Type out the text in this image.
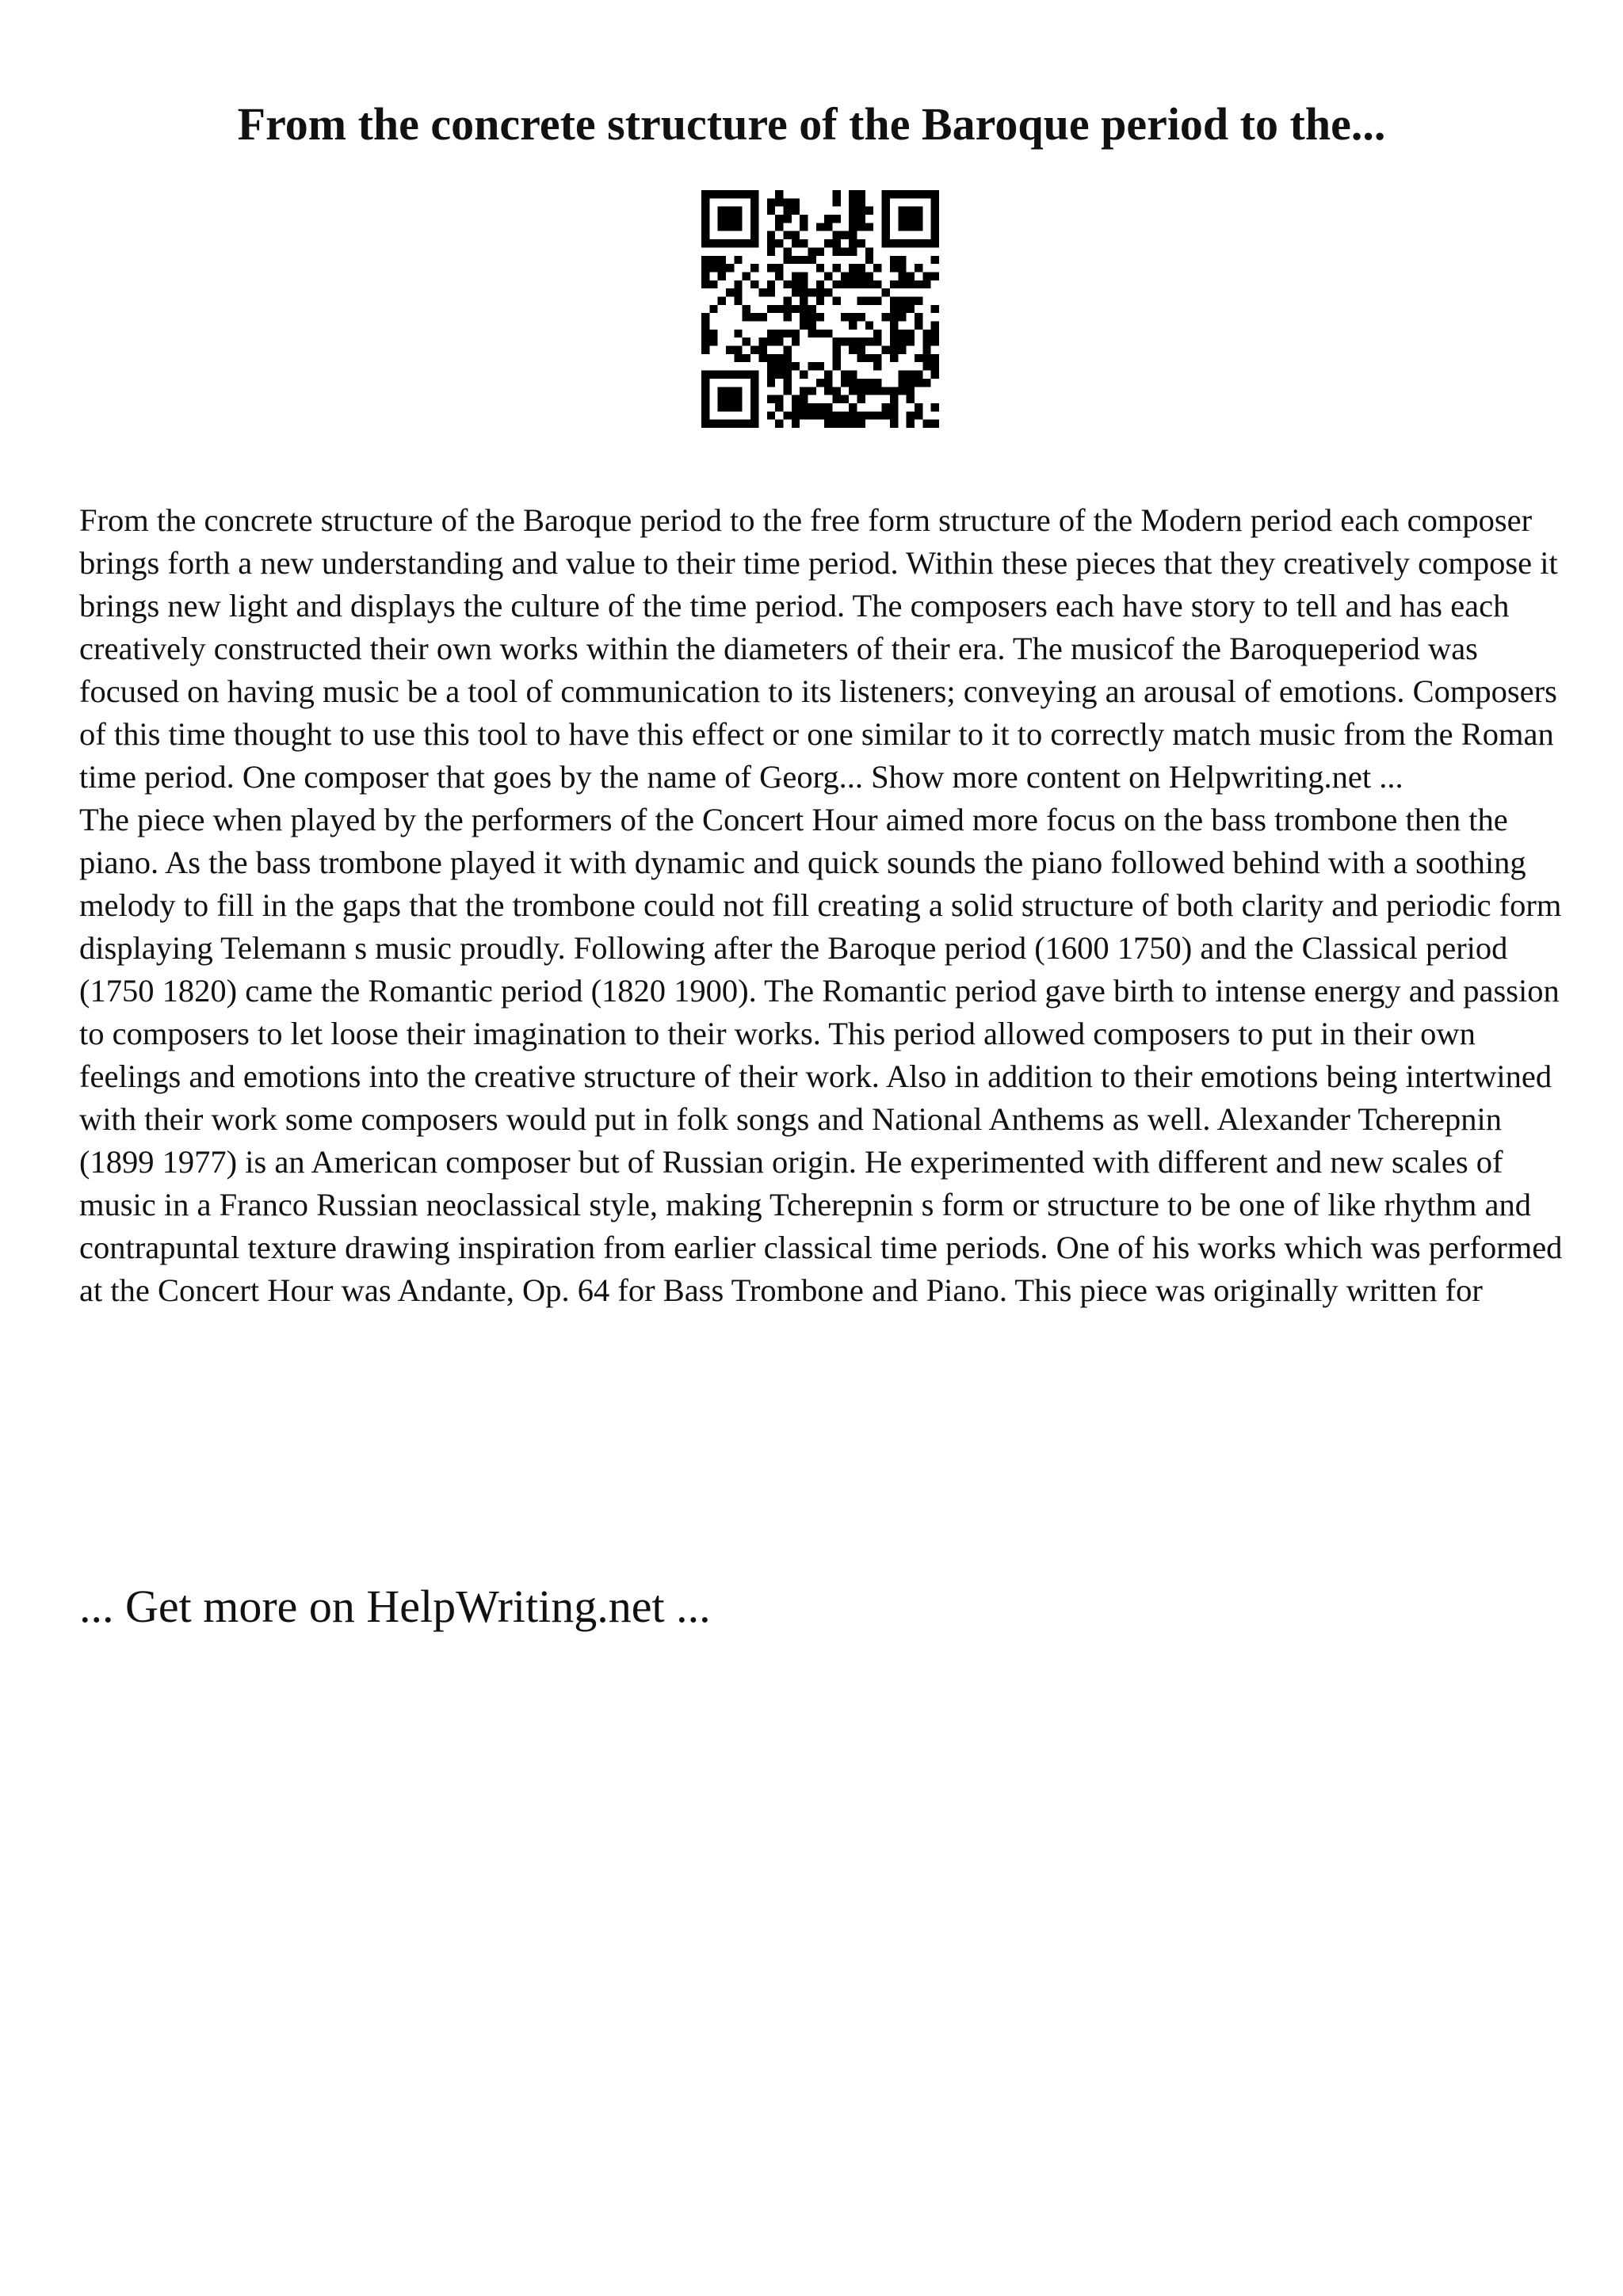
From the concrete structure of the Baroque period to the...

From the concrete structure of the Baroque period to the free form structure of the Modern period each composer brings forth a new understanding and value to their time period. Within these pieces that they creatively compose it brings new light and displays the culture of the time period. The composers each have story to tell and has each creatively constructed their own works within the diameters of their era. The musicof the Baroqueperiod was focused on having music be a tool of communication to its listeners; conveying an arousal of emotions. Composers of this time thought to use this tool to have this effect or one similar to it to correctly match music from the Roman time period. One composer that goes by the name of Georg... Show more content on Helpwriting.net ...

The piece when played by the performers of the Concert Hour aimed more focus on the bass trombone then the piano. As the bass trombone played it with dynamic and quick sounds the piano followed behind with a soothing melody to fill in the gaps that the trombone could not fill creating a solid structure of both clarity and periodic form displaying Telemann s music proudly. Following after the Baroque period (1600 1750) and the Classical period (1750 1820) came the Romantic period (1820 1900). The Romantic period gave birth to intense energy and passion to composers to let loose their imagination to their works. This period allowed composers to put in their own feelings and emotions into the creative structure of their work. Also in addition to their emotions being intertwined with their work some composers would put in folk songs and National Anthems as well. Alexander Tcherepnin (1899 1977) is an American composer but of Russian origin. He experimented with different and new scales of music in a Franco Russian neoclassical style, making Tcherepnin s form or structure to be one of like rhythm and contrapuntal texture drawing inspiration from earlier classical time periods. One of his works which was performed at the Concert Hour was Andante, Op. 64 for Bass Trombone and Piano. This piece was originally written for

... Get more on HelpWriting.net ...
